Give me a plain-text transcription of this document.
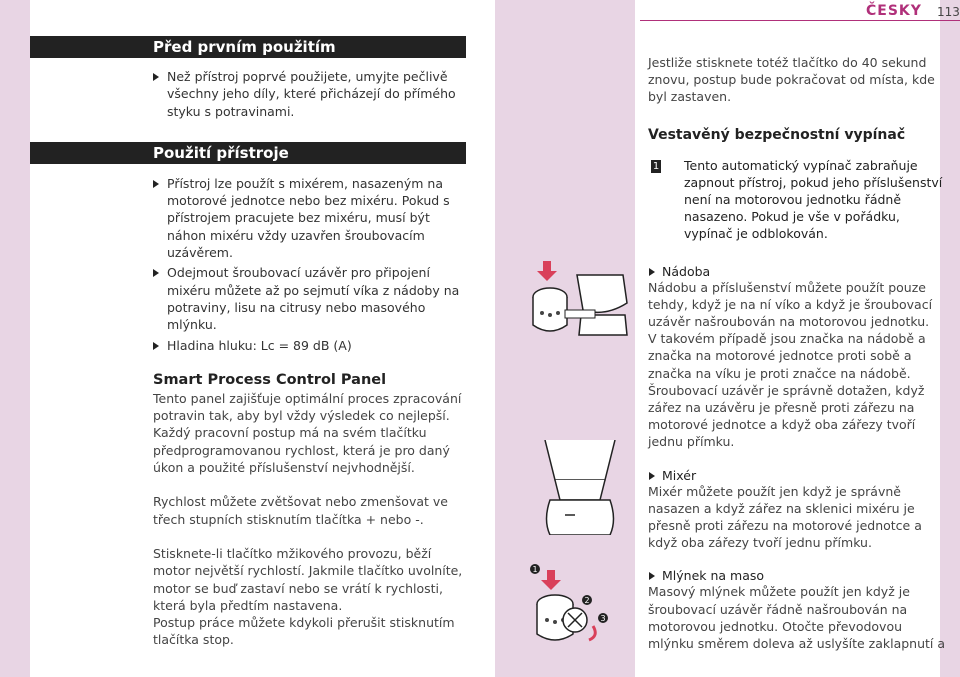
ČESKY 113
Před prvním použitím
Než přístroj poprvé použijete, umyjte pečlivě všechny jeho díly, které přicházejí do přímého styku s potravinami.
Použití přístroje
Přístroj lze použít s mixérem, nasazeným na motorové jednotce nebo bez mixéru. Pokud s přístrojem pracujete bez mixéru, musí být náhon mixéru vždy uzavřen šroubovacím uzávěrem.
Odejmout šroubovací uzávěr pro připojení mixéru můžete až po sejmutí víka z nádoby na potraviny, lisu na citrusy nebo masového mlýnku.
Hladina hluku: Lc = 89 dB (A)
Smart Process Control Panel
Tento panel zajišťuje optimální proces zpracování potravin tak, aby byl vždy výsledek co nejlepší. Každý pracovní postup má na svém tlačítku předprogramovanou rychlost, která je pro daný úkon a použité příslušenství nejvhodnější.
Rychlost můžete zvětšovat nebo zmenšovat ve třech stupních stisknutím tlačítka + nebo -.
Stisknete-li tlačítko mžikového provozu, běží motor největší rychlostí. Jakmile tlačítko uvolníte, motor se buď zastaví nebo se vrátí k rychlosti, která byla předtím nastavena.
Postup práce můžete kdykoli přerušit stisknutím tlačítka stop.
1
2
3
Jestliže stisknete totéž tlačítko do 40 sekund znovu, postup bude pokračovat od místa, kde byl zastaven.
Vestavěný bezpečnostní vypínač
1 Tento automatický vypínač zabraňuje zapnout přístroj, pokud jeho příslušenství není na motorovou jednotku řádně nasazeno. Pokud je vše v pořádku, vypínač je odblokován.
Nádoba
Nádobu a příslušenství můžete použít pouze tehdy, když je na ní víko a když je šroubovací uzávěr našroubován na motorovou jednotku.
V takovém případě jsou značka na nádobě a značka na motorové jednotce proti sobě a značka na víku je proti značce na nádobě.
Šroubovací uzávěr je správně dotažen, když zářez na uzávěru je přesně proti zářezu na motorové jednotce a když oba zářezy tvoří jednu přímku.
Mixér
Mixér můžete použít jen když je správně nasazen a když zářez na sklenici mixéru je přesně proti zářezu na motorové jednotce a když oba zářezy tvoří jednu přímku.
Mlýnek na maso
Masový mlýnek můžete použít jen když je šroubovací uzávěr řádně našroubován na motorovou jednotku. Otočte převodovou mlýnku směrem doleva až uslyšíte zaklapnutí a
